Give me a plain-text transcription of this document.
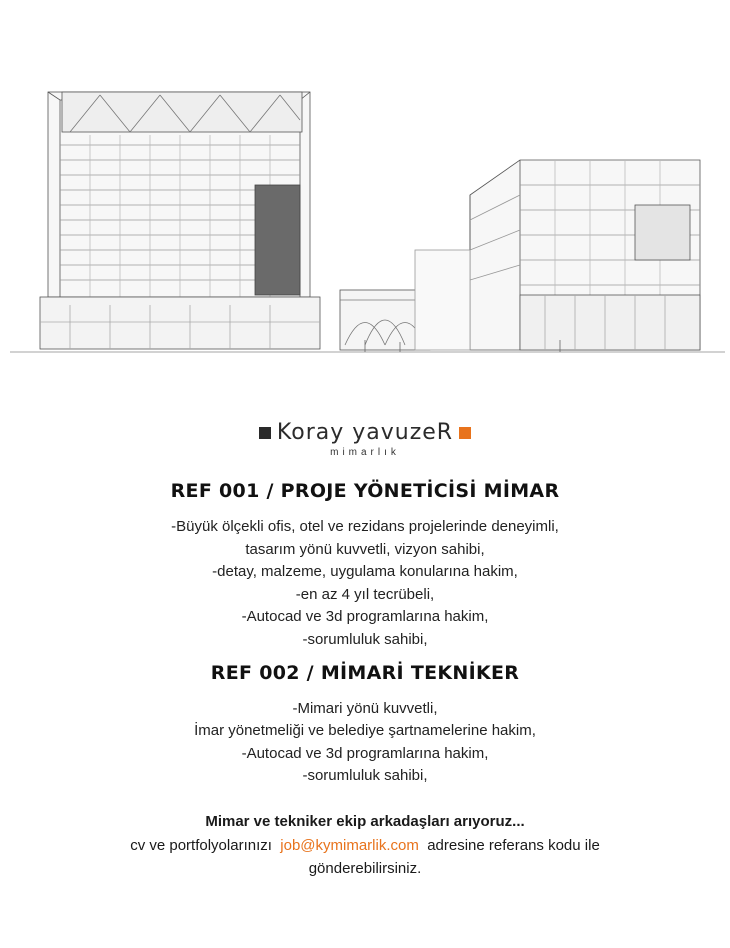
Koray yavuzeR
mimarlık
REF 001 / PROJE YÖNETİCİSİ MİMAR
-Büyük ölçekli ofis, otel ve rezidans projelerinde deneyimli,
tasarım yönü kuvvetli, vizyon sahibi,
-detay, malzeme, uygulama konularına hakim,
-en az 4 yıl tecrübeli,
-Autocad ve 3d programlarına hakim,
-sorumluluk sahibi,
REF 002 / MİMARİ TEKNİKER
-Mimari yönü kuvvetli,
İmar yönetmeliği ve belediye şartnamelerine hakim,
-Autocad ve 3d programlarına hakim,
-sorumluluk sahibi,
Mimar ve tekniker ekip arkadaşları arıyoruz...
cv ve portfolyolarınızı job@kymimarlik.com adresine referans kodu ile
gönderebilirsiniz.
